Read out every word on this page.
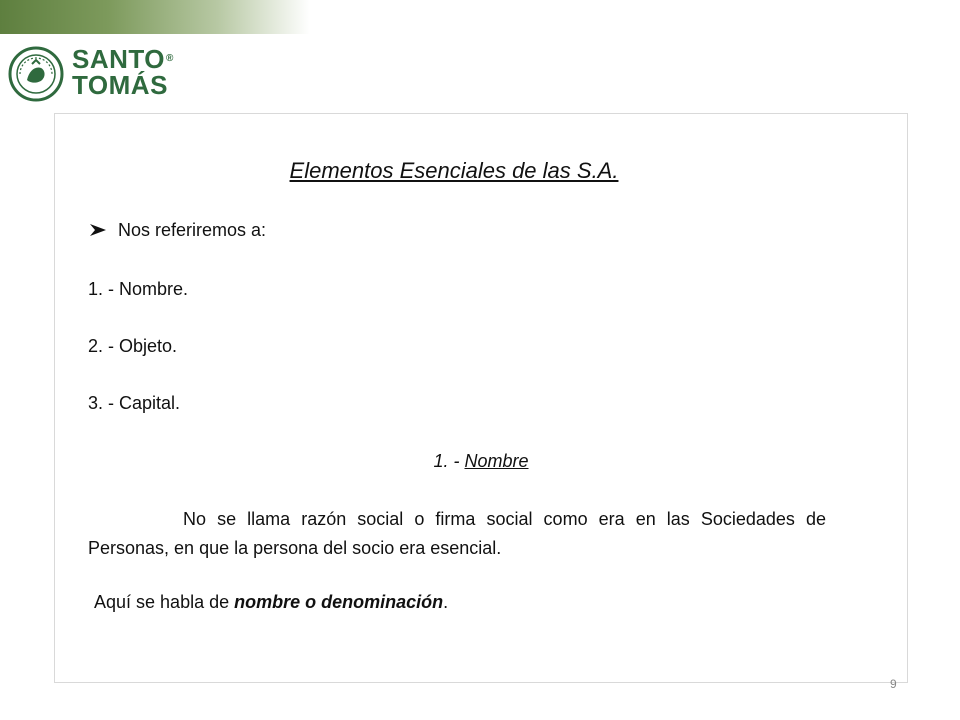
SANTO®
TOMÁS
Elementos Esenciales de las S.A.
Nos referiremos a:

1. - Nombre.

2. - Objeto.

3. - Capital.

1. - Nombre

No se llama razón social o firma social como era en las Sociedades de Personas, en que la persona del socio era esencial.

Aquí se habla de nombre o denominación.

9
